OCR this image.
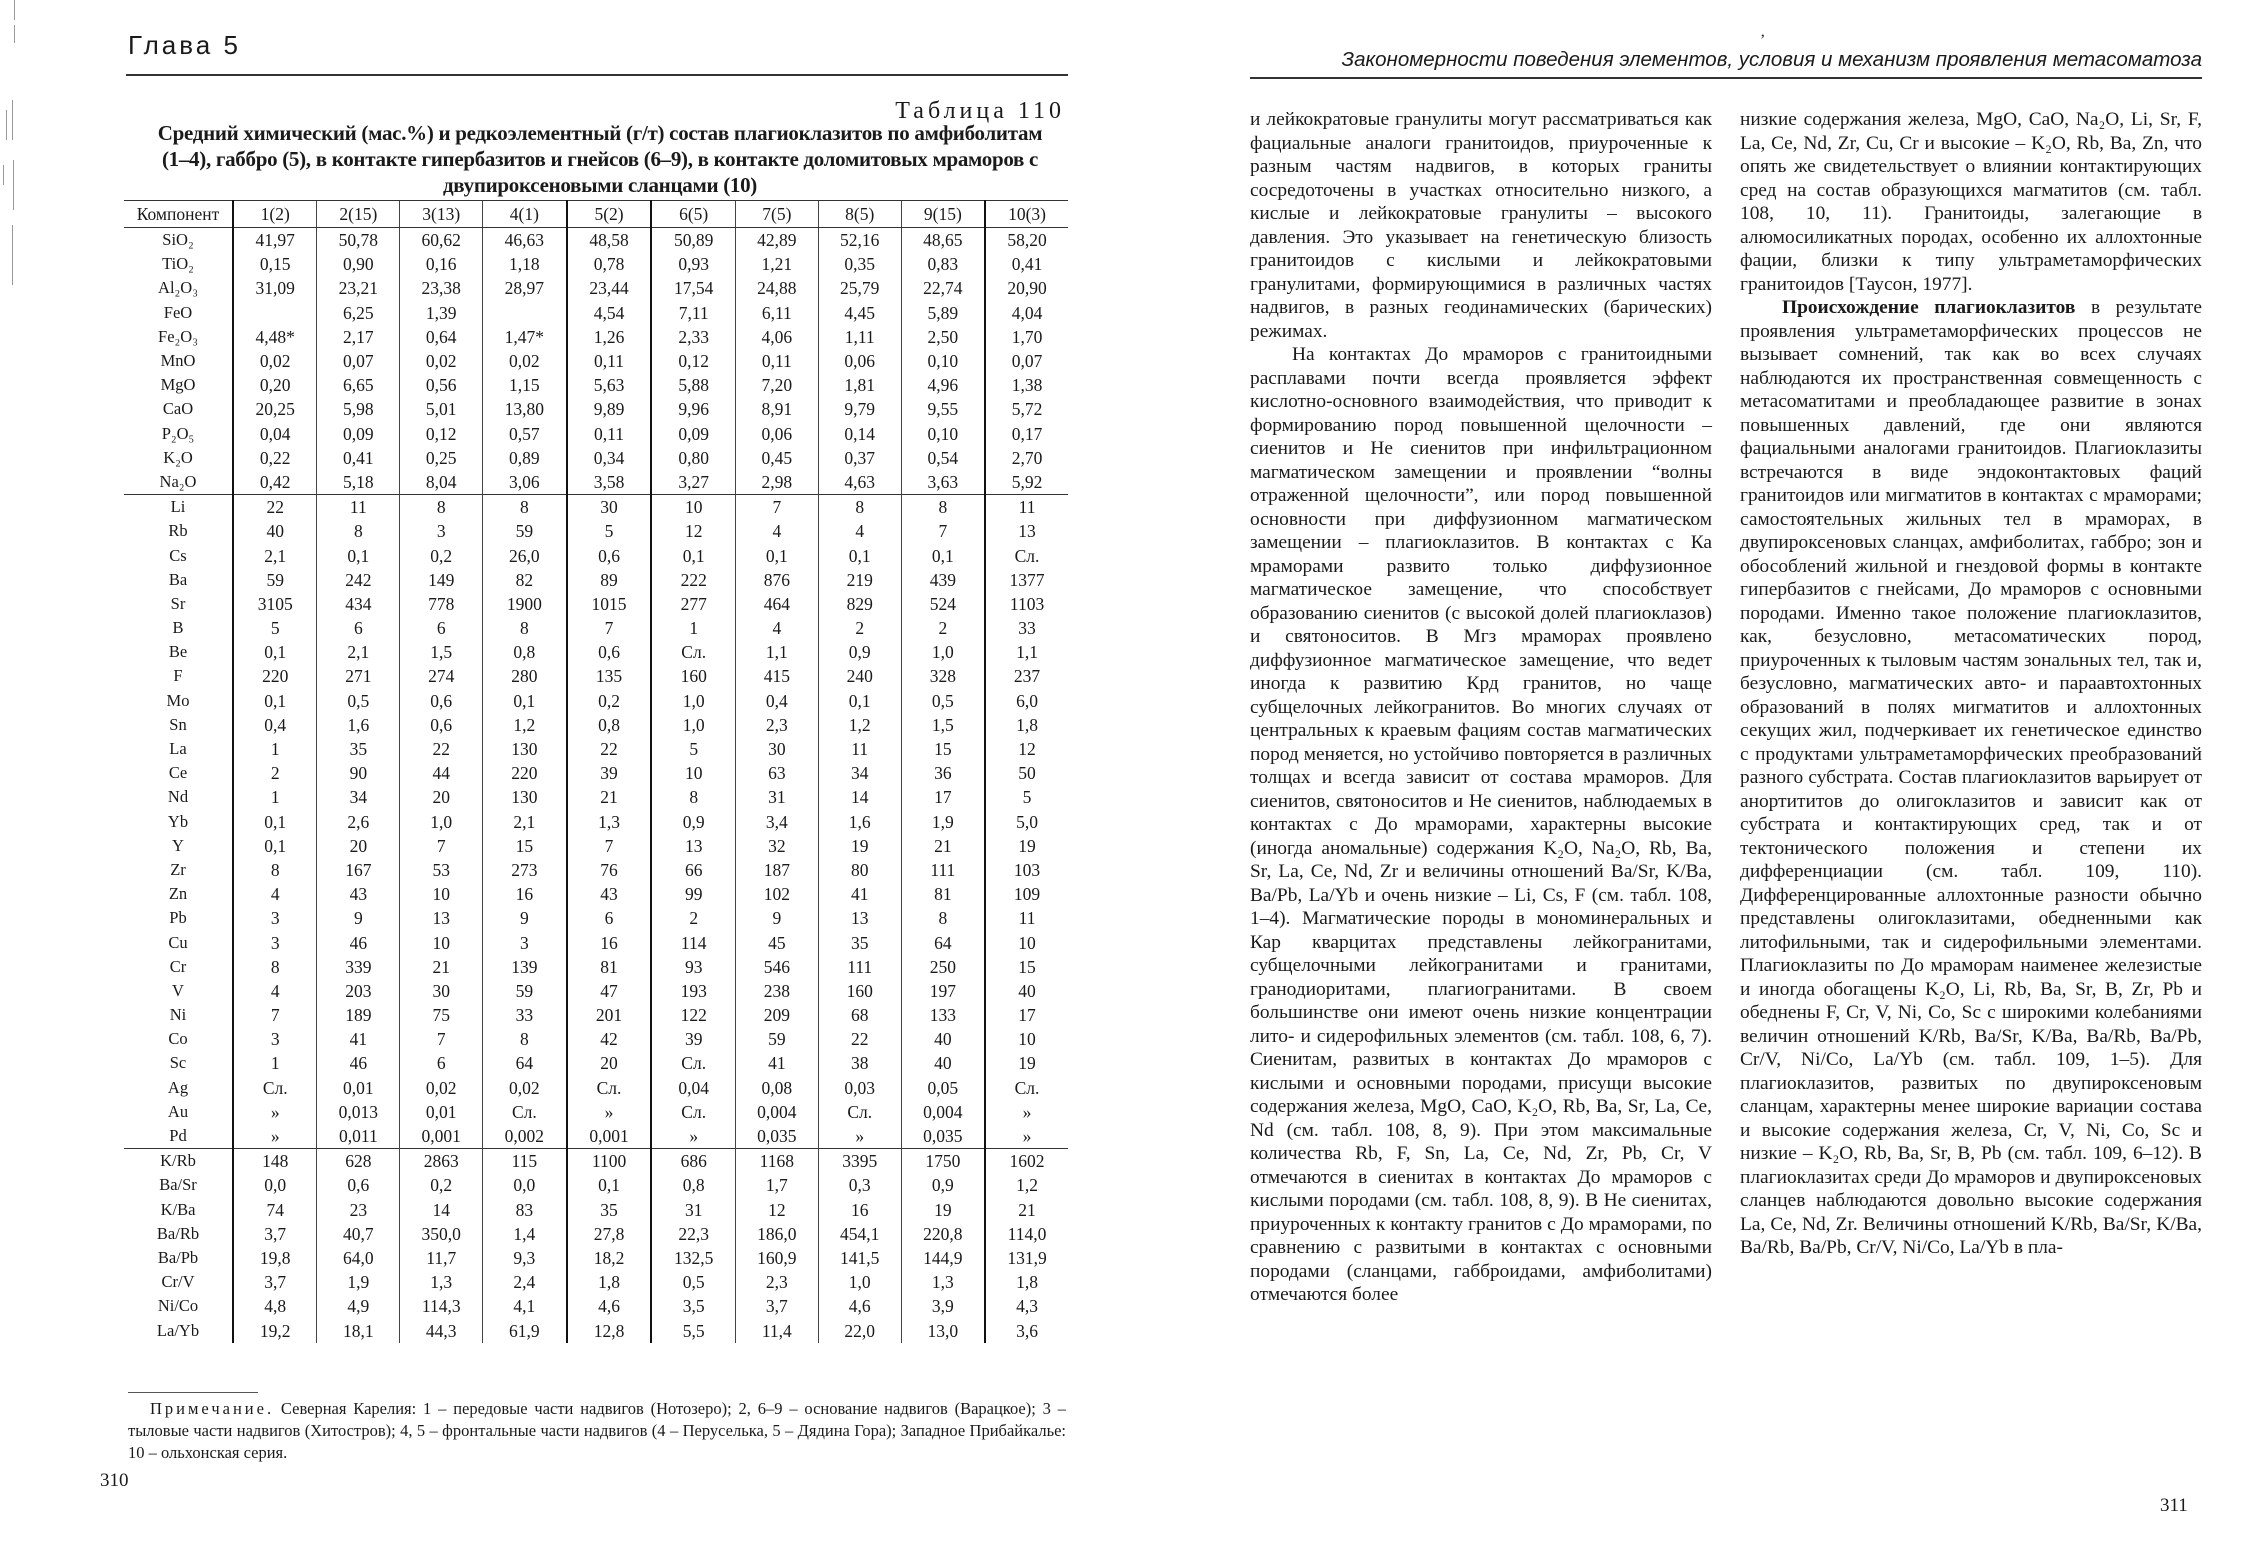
Глава 5
Таблица 110
Средний химический (мас.%) и редкоэлементный (г/т) состав плагиоклазитов по амфиболитам (1–4), габбро (5), в контакте гипербазитов и гнейсов (6–9), в контакте доломитовых мраморов с двупироксеновыми сланцами (10)
Компонент	1(2)	2(15)	3(13)	4(1)	5(2)	6(5)	7(5)	8(5)	9(15)	10(3)
SiO₂	41,97	50,78	60,62	46,63	48,58	50,89	42,89	52,16	48,65	58,20
TiO₂	0,15	0,90	0,16	1,18	0,78	0,93	1,21	0,35	0,83	0,41
Al₂O₃	31,09	23,21	23,38	28,97	23,44	17,54	24,88	25,79	22,74	20,90
FeO		6,25	1,39		4,54	7,11	6,11	4,45	5,89	4,04
Fe₂O₃	4,48*	2,17	0,64	1,47*	1,26	2,33	4,06	1,11	2,50	1,70
MnO	0,02	0,07	0,02	0,02	0,11	0,12	0,11	0,06	0,10	0,07
MgO	0,20	6,65	0,56	1,15	5,63	5,88	7,20	1,81	4,96	1,38
CaO	20,25	5,98	5,01	13,80	9,89	9,96	8,91	9,79	9,55	5,72
P₂O₅	0,04	0,09	0,12	0,57	0,11	0,09	0,06	0,14	0,10	0,17
K₂O	0,22	0,41	0,25	0,89	0,34	0,80	0,45	0,37	0,54	2,70
Na₂O	0,42	5,18	8,04	3,06	3,58	3,27	2,98	4,63	3,63	5,92
Li	22	11	8	8	30	10	7	8	8	11
Rb	40	8	3	59	5	12	4	4	7	13
Cs	2,1	0,1	0,2	26,0	0,6	0,1	0,1	0,1	0,1	Сл.
Ba	59	242	149	82	89	222	876	219	439	1377
Sr	3105	434	778	1900	1015	277	464	829	524	1103
B	5	6	6	8	7	1	4	2	2	33
Be	0,1	2,1	1,5	0,8	0,6	Сл.	1,1	0,9	1,0	1,1
F	220	271	274	280	135	160	415	240	328	237
Mo	0,1	0,5	0,6	0,1	0,2	1,0	0,4	0,1	0,5	6,0
Sn	0,4	1,6	0,6	1,2	0,8	1,0	2,3	1,2	1,5	1,8
La	1	35	22	130	22	5	30	11	15	12
Ce	2	90	44	220	39	10	63	34	36	50
Nd	1	34	20	130	21	8	31	14	17	5
Yb	0,1	2,6	1,0	2,1	1,3	0,9	3,4	1,6	1,9	5,0
Y	0,1	20	7	15	7	13	32	19	21	19
Zr	8	167	53	273	76	66	187	80	111	103
Zn	4	43	10	16	43	99	102	41	81	109
Pb	3	9	13	9	6	2	9	13	8	11
Cu	3	46	10	3	16	114	45	35	64	10
Cr	8	339	21	139	81	93	546	111	250	15
V	4	203	30	59	47	193	238	160	197	40
Ni	7	189	75	33	201	122	209	68	133	17
Co	3	41	7	8	42	39	59	22	40	10
Sc	1	46	6	64	20	Сл.	41	38	40	19
Ag	Сл.	0,01	0,02	0,02	Сл.	0,04	0,08	0,03	0,05	Сл.
Au	»	0,013	0,01	Сл.	»	Сл.	0,004	Сл.	0,004	»
Pd	»	0,011	0,001	0,002	0,001	»	0,035	»	0,035	»
K/Rb	148	628	2863	115	1100	686	1168	3395	1750	1602
Ba/Sr	0,0	0,6	0,2	0,0	0,1	0,8	1,7	0,3	0,9	1,2
K/Ba	74	23	14	83	35	31	12	16	19	21
Ba/Rb	3,7	40,7	350,0	1,4	27,8	22,3	186,0	454,1	220,8	114,0
Ba/Pb	19,8	64,0	11,7	9,3	18,2	132,5	160,9	141,5	144,9	131,9
Cr/V	3,7	1,9	1,3	2,4	1,8	0,5	2,3	1,0	1,3	1,8
Ni/Co	4,8	4,9	114,3	4,1	4,6	3,5	3,7	4,6	3,9	4,3
La/Yb	19,2	18,1	44,3	61,9	12,8	5,5	11,4	22,0	13,0	3,6
Примечание. Северная Карелия: 1 – передовые части надвигов (Нотозеро); 2, 6–9 – основание надвигов (Варацкое); 3 – тыловые части надвигов (Хитостров); 4, 5 – фронтальные части надвигов (4 – Перуселька, 5 – Дядина Гора); Западное Прибайкалье: 10 – ольхонская серия.
310
ʼ
Закономерности поведения элементов, условия и механизм проявления метасоматоза

и лейкократовые гранулиты могут рассматриваться как фациальные аналоги гранитоидов, приуроченные к разным частям надвигов, в которых граниты сосредоточены в участках относительно низкого, а кислые и лейкократовые гранулиты – высокого давления. Это указывает на генетическую близость гранитоидов с кислыми и лейкократовыми гранулитами, формирующимися в различных частях надвигов, в разных геодинамических (барических) режимах.

На контактах До мраморов с гранитоидными расплавами почти всегда проявляется эффект кислотно-основного взаимодействия, что приводит к формированию пород повышенной щелочности – сиенитов и Не сиенитов при инфильтрационном магматическом замещении и проявлении “волны отраженной щелочности”, или пород повышенной основности при диффузионном магматическом замещении – плагиоклазитов. В контактах с Ка мраморами развито только диффузионное магматическое замещение, что способствует образованию сиенитов (с высокой долей плагиоклазов) и святоноситов. В Мгз мраморах проявлено диффузионное магматическое замещение, что ведет иногда к развитию Крд гранитов, но чаще субщелочных лейкогранитов. Во многих случаях от центральных к краевым фациям состав магматических пород меняется, но устойчиво повторяется в различных толщах и всегда зависит от состава мраморов. Для сиенитов, святоноситов и Не сиенитов, наблюдаемых в контактах с До мраморами, характерны высокие (иногда аномальные) содержания K₂O, Na₂O, Rb, Ba, Sr, La, Ce, Nd, Zr и величины отношений Ba/Sr, K/Ba, Ba/Pb, La/Yb и очень низкие – Li, Cs, F (см. табл. 108, 1–4). Магматические породы в мономинеральных и Кар кварцитах представлены лейкогранитами, субщелочными лейкогранитами и гранитами, гранодиоритами, плагиогранитами. В своем большинстве они имеют очень низкие концентрации лито- и сидерофильных элементов (см. табл. 108, 6, 7). Сиенитам, развитых в контактах До мраморов с кислыми и основными породами, присущи высокие содержания железа, MgO, CaO, K₂O, Rb, Ba, Sr, La, Ce, Nd (см. табл. 108, 8, 9). При этом максимальные количества Rb, F, Sn, La, Ce, Nd, Zr, Pb, Cr, V отмечаются в сиенитах в контактах До мраморов с кислыми породами (см. табл. 108, 8, 9). В Не сиенитах, приуроченных к контакту гранитов с До мраморами, по сравнению с развитыми в контактах с основными породами (сланцами, габброидами, амфиболитами) отмечаются более

низкие содержания железа, MgO, CaO, Na₂O, Li, Sr, F, La, Ce, Nd, Zr, Cu, Cr и высокие – K₂O, Rb, Ba, Zn, что опять же свидетельствует о влиянии контактирующих сред на состав образующихся магматитов (см. табл. 108, 10, 11). Гранитоиды, залегающие в алюмосиликатных породах, особенно их аллохтонные фации, близки к типу ультраметаморфических гранитоидов [Таусон, 1977].

Происхождение плагиоклазитов в результате проявления ультраметаморфических процессов не вызывает сомнений, так как во всех случаях наблюдаются их пространственная совмещенность с метасоматитами и преобладающее развитие в зонах повышенных давлений, где они являются фациальными аналогами гранитоидов. Плагиоклазиты встречаются в виде эндоконтактовых фаций гранитоидов или мигматитов в контактах с мраморами; самостоятельных жильных тел в мраморах, в двупироксеновых сланцах, амфиболитах, габбро; зон и обособлений жильной и гнездовой формы в контакте гипербазитов с гнейсами, До мраморов с основными породами. Именно такое положение плагиоклазитов, как, безусловно, метасоматических пород, приуроченных к тыловым частям зональных тел, так и, безусловно, магматических авто- и параавтохтонных образований в полях мигматитов и аллохтонных секущих жил, подчеркивает их генетическое единство с продуктами ультраметаморфических преобразований разного субстрата. Состав плагиоклазитов варьирует от анортититов до олигоклазитов и зависит как от субстрата и контактирующих сред, так и от тектонического положения и степени их дифференциации (см. табл. 109, 110). Дифференцированные аллохтонные разности обычно представлены олигоклазитами, обедненными как литофильными, так и сидерофильными элементами. Плагиоклазиты по До мраморам наименее железистые и иногда обогащены K₂O, Li, Rb, Ba, Sr, B, Zr, Pb и обеднены F, Cr, V, Ni, Co, Sc с широкими колебаниями величин отношений K/Rb, Ba/Sr, K/Ba, Ba/Rb, Ba/Pb, Cr/V, Ni/Co, La/Yb (см. табл. 109, 1–5). Для плагиоклазитов, развитых по двупироксеновым сланцам, характерны менее широкие вариации состава и высокие содержания железа, Cr, V, Ni, Co, Sc и низкие – K₂O, Rb, Ba, Sr, B, Pb (см. табл. 109, 6–12). В плагиоклазитах среди До мраморов и двупироксеновых сланцев наблюдаются довольно высокие содержания La, Ce, Nd, Zr. Величины отношений K/Rb, Ba/Sr, K/Ba, Ba/Rb, Ba/Pb, Cr/V, Ni/Co, La/Yb в пла-

311
